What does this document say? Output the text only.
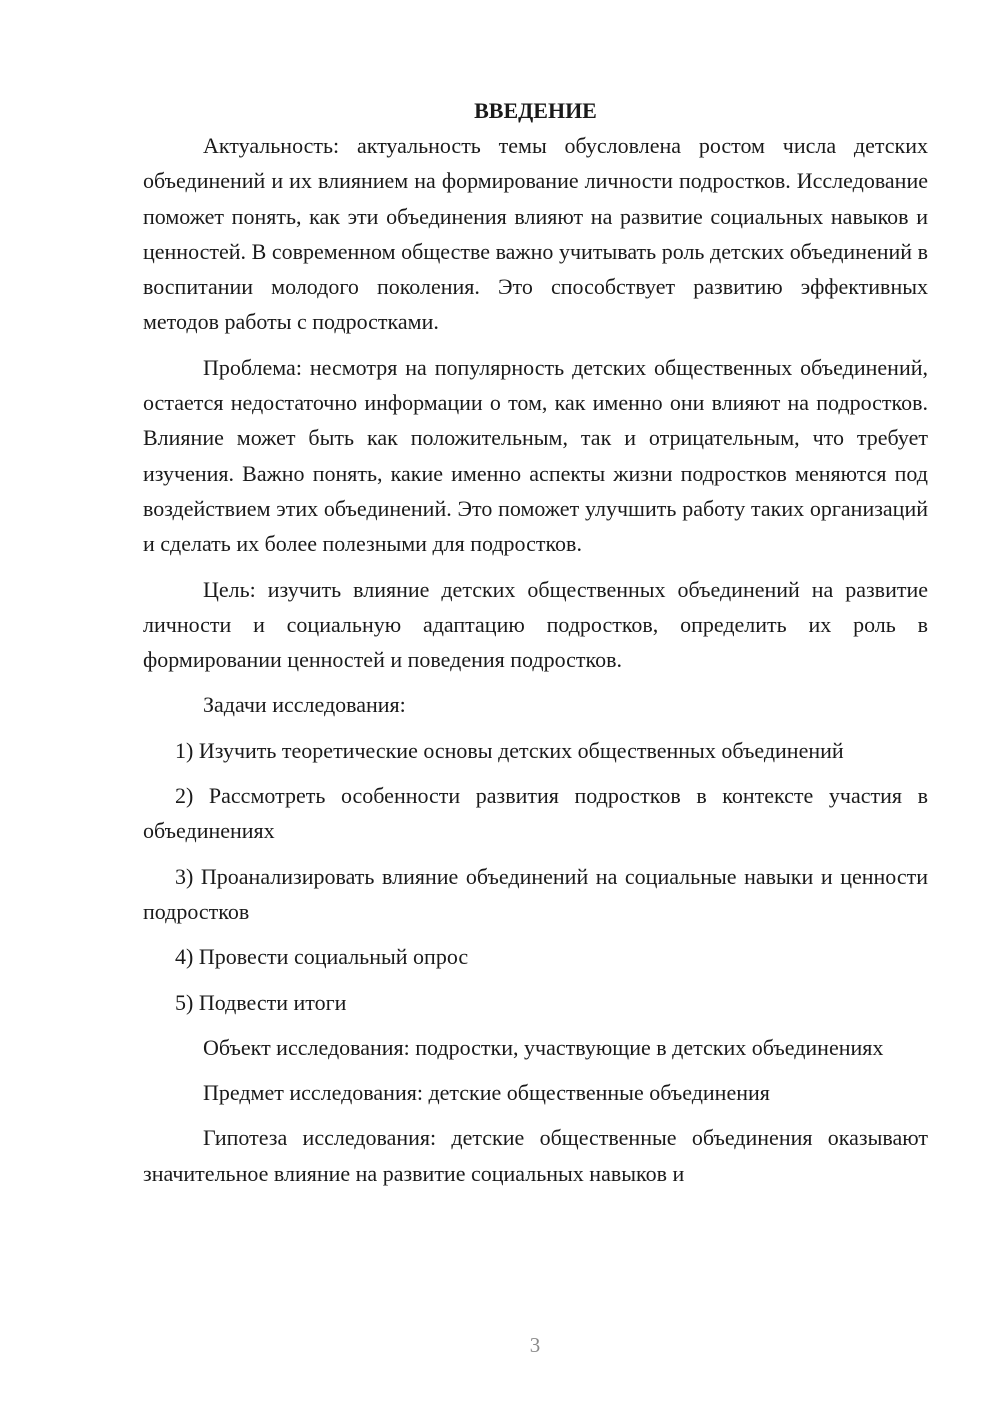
ВВЕДЕНИЕ

Актуальность: актуальность темы обусловлена ростом числа детских объединений и их влиянием на формирование личности подростков. Исследование поможет понять, как эти объединения влияют на развитие социальных навыков и ценностей. В современном обществе важно учитывать роль детских объединений в воспитании молодого поколения. Это способствует развитию эффективных методов работы с подростками.

Проблема: несмотря на популярность детских общественных объединений, остается недостаточно информации о том, как именно они влияют на подростков. Влияние может быть как положительным, так и отрицательным, что требует изучения. Важно понять, какие именно аспекты жизни подростков меняются под воздействием этих объединений. Это поможет улучшить работу таких организаций и сделать их более полезными для подростков.

Цель: изучить влияние детских общественных объединений на развитие личности и социальную адаптацию подростков, определить их роль в формировании ценностей и поведения подростков.

Задачи исследования:

1) Изучить теоретические основы детских общественных объединений

2) Рассмотреть особенности развития подростков в контексте участия в объединениях

3) Проанализировать влияние объединений на социальные навыки и ценности подростков

4) Провести социальный опрос

5) Подвести итоги

Объект исследования: подростки, участвующие в детских объединениях

Предмет исследования: детские общественные объединения

Гипотеза исследования: детские общественные объединения оказывают значительное влияние на развитие социальных навыков и

3
